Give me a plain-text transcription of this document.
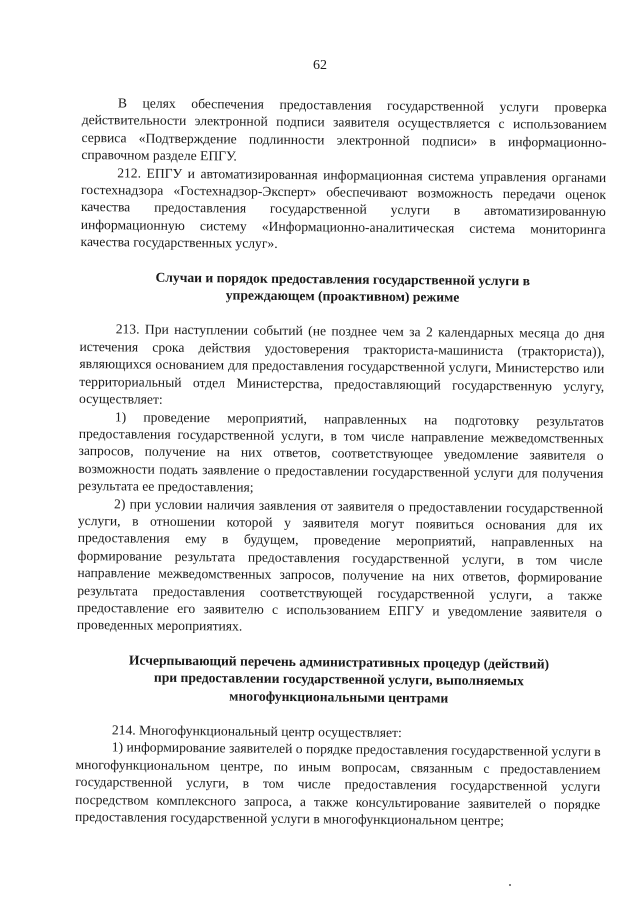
62

В целях обеспечения предоставления государственной услуги проверка действительности электронной подписи заявителя осуществляется с использованием сервиса «Подтверждение подлинности электронной подписи» в информационно-справочном разделе ЕПГУ.

212. ЕПГУ и автоматизированная информационная система управления органами гостехнадзора «Гостехнадзор-Эксперт» обеспечивают возможность передачи оценок качества предоставления государственной услуги в автоматизированную информационную систему «Информационно-аналитическая система мониторинга качества государственных услуг».

Случаи и порядок предоставления государственной услуги в упреждающем (проактивном) режиме

213. При наступлении событий (не позднее чем за 2 календарных месяца до дня истечения срока действия удостоверения тракториста-машиниста (тракториста)), являющихся основанием для предоставления государственной услуги, Министерство или территориальный отдел Министерства, предоставляющий государственную услугу, осуществляет:

1) проведение мероприятий, направленных на подготовку результатов предоставления государственной услуги, в том числе направление межведомственных запросов, получение на них ответов, соответствующее уведомление заявителя о возможности подать заявление о предоставлении государственной услуги для получения результата ее предоставления;

2) при условии наличия заявления от заявителя о предоставлении государственной услуги, в отношении которой у заявителя могут появиться основания для их предоставления ему в будущем, проведение мероприятий, направленных на формирование результата предоставления государственной услуги, в том числе направление межведомственных запросов, получение на них ответов, формирование результата предоставления соответствующей государственной услуги, а также предоставление его заявителю с использованием ЕПГУ и уведомление заявителя о проведенных мероприятиях.

Исчерпывающий перечень административных процедур (действий) при предоставлении государственной услуги, выполняемых многофункциональными центрами

214. Многофункциональный центр осуществляет:

1) информирование заявителей о порядке предоставления государственной услуги в многофункциональном центре, по иным вопросам, связанным с предоставлением государственной услуги, в том числе предоставления государственной услуги посредством комплексного запроса, а также консультирование заявителей о порядке предоставления государственной услуги в многофункциональном центре;
